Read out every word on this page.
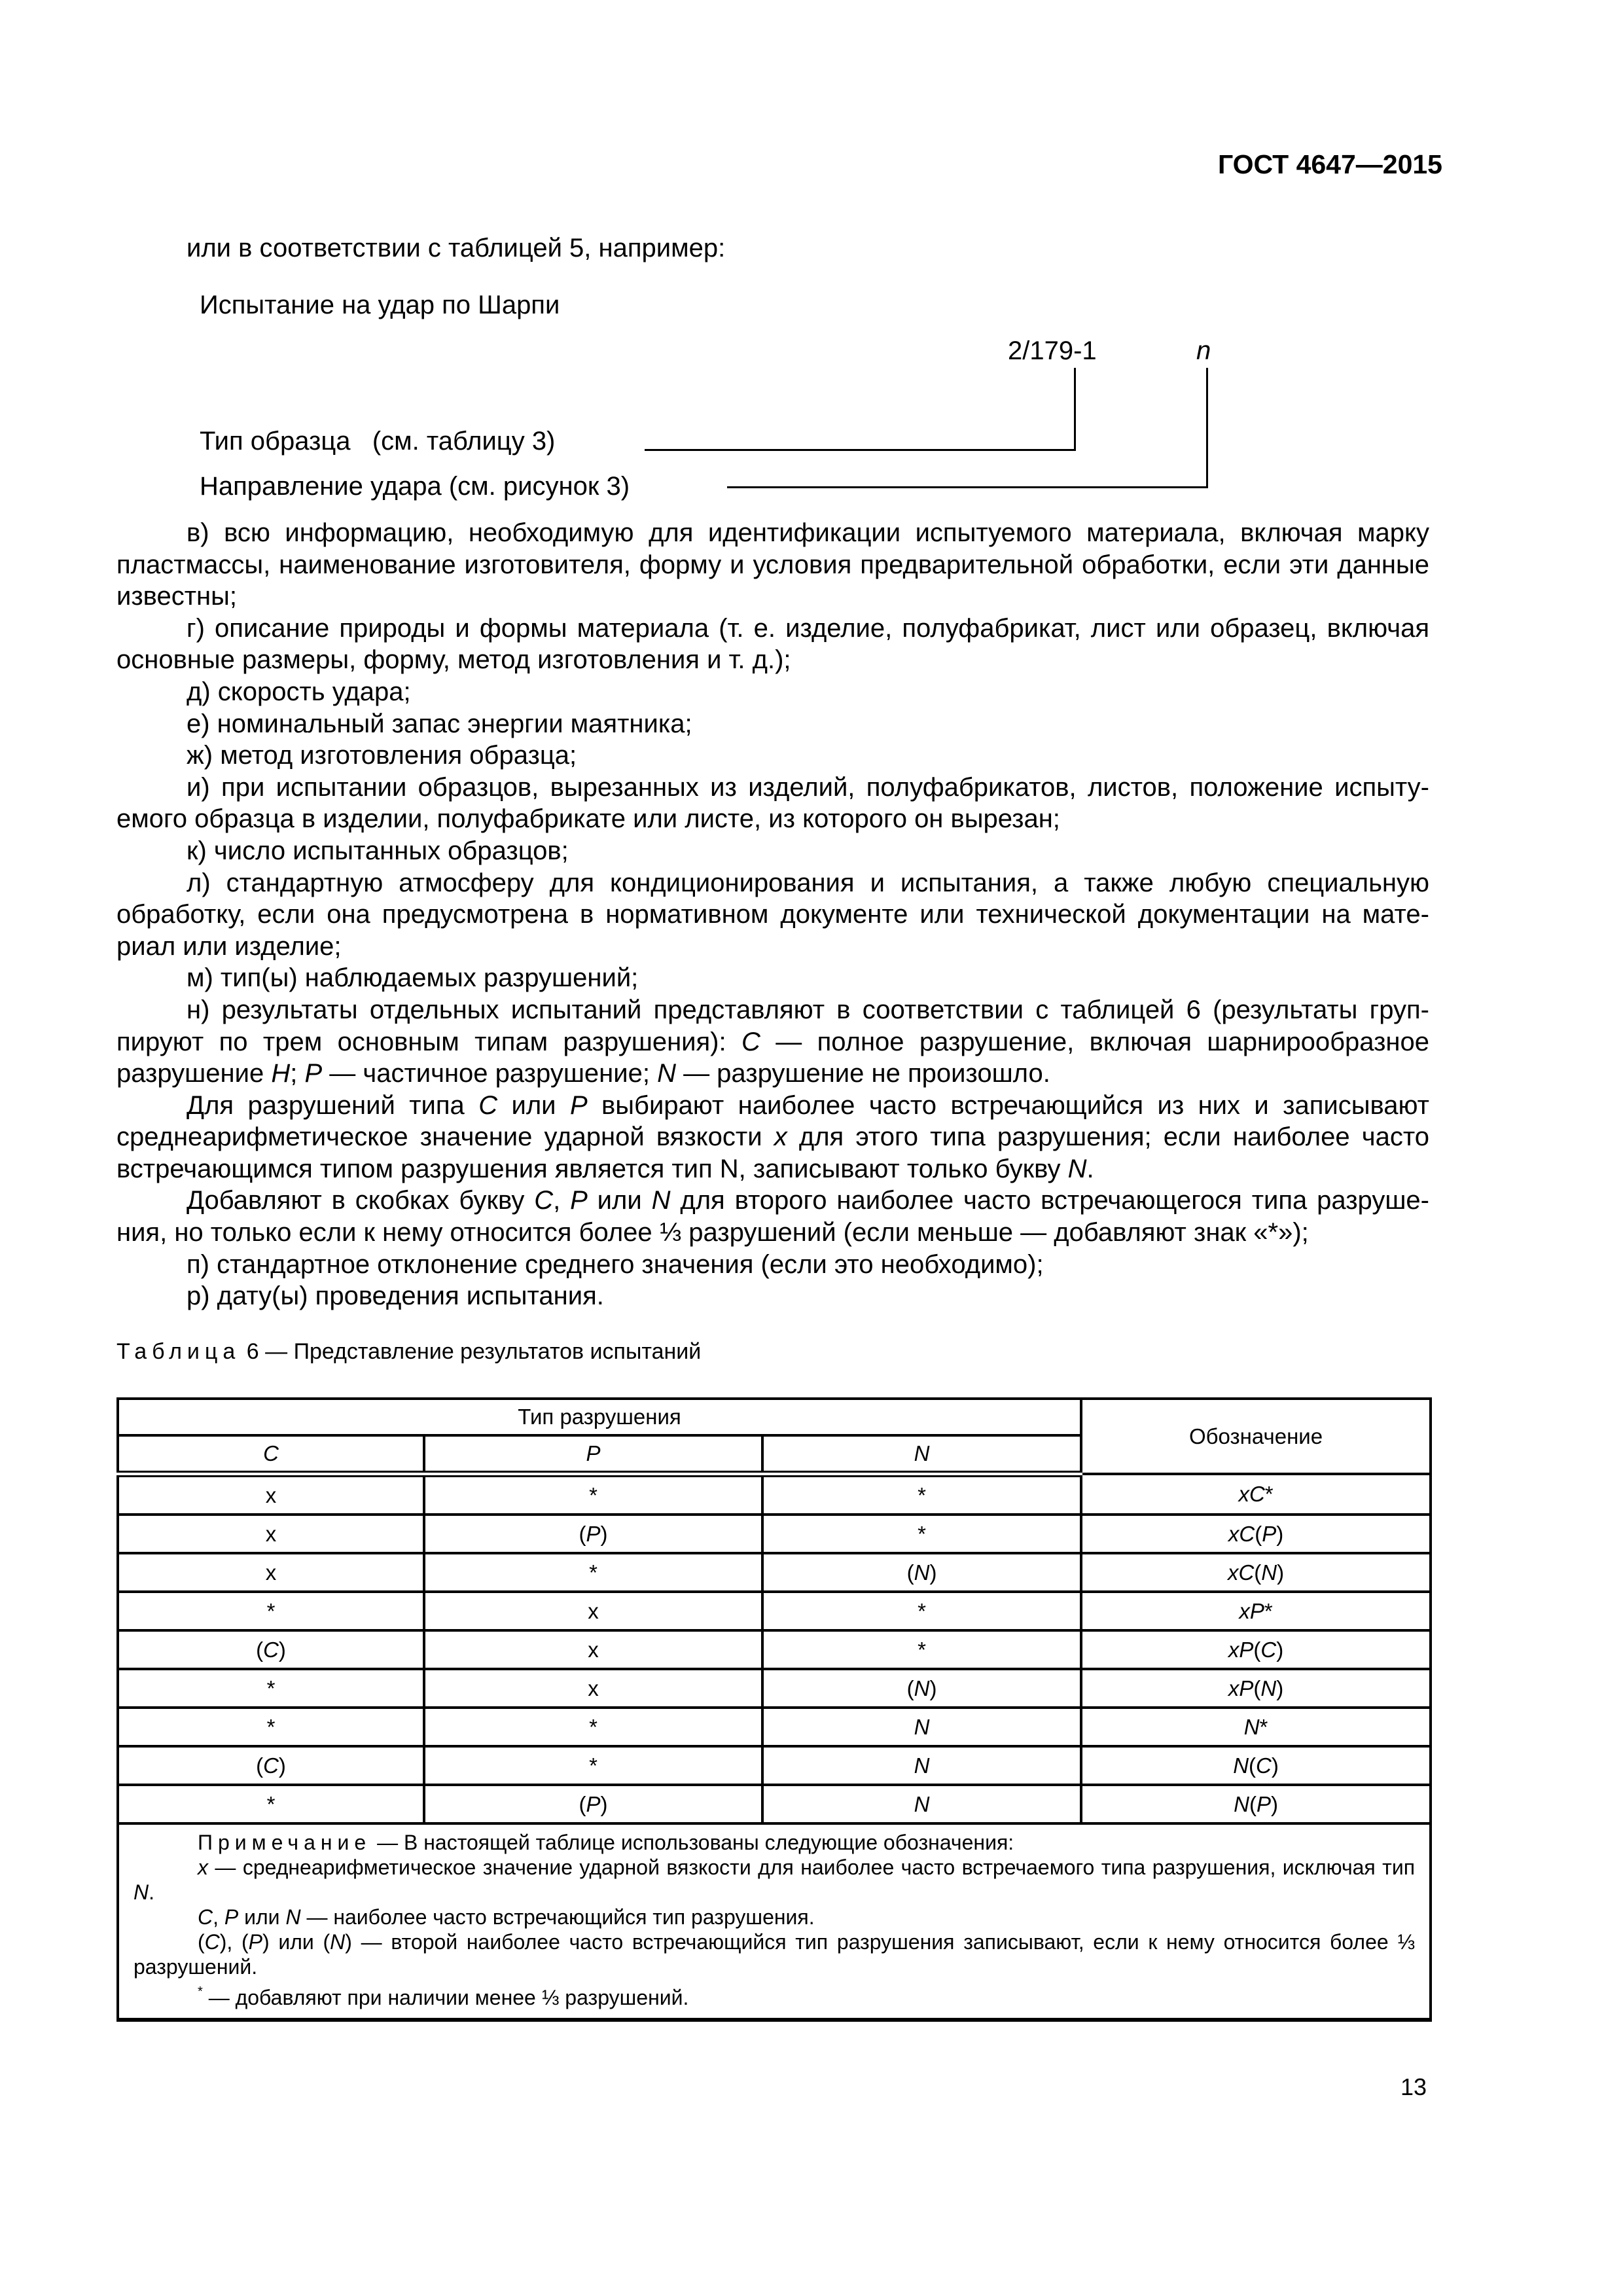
ГОСТ 4647—2015
или в соответствии с таблицей 5, например:
Испытание на удар по Шарпи
2/179-1	n
Тип образца   (см. таблицу 3)
Направление удара (см. рисунок 3)

в) всю информацию, необходимую для идентификации испытуемого материала, включая марку пластмассы, наименование изготовителя, форму и условия предварительной обработки, если эти данные известны;

г) описание природы и формы материала (т. е. изделие, полуфабрикат, лист или образец, включая основные размеры, форму, метод изготовления и т. д.);

д) скорость удара;

е) номинальный запас энергии маятника;

ж) метод изготовления образца;

и) при испытании образцов, вырезанных из изделий, полуфабрикатов, листов, положение испытуемого образца в изделии, полуфабрикате или листе, из которого он вырезан;

к) число испытанных образцов;

л) стандартную атмосферу для кондиционирования и испытания, а также любую специальную обработку, если она предусмотрена в нормативном документе или технической документации на материал или изделие;

м) тип(ы) наблюдаемых разрушений;

н) результаты отдельных испытаний представляют в соответствии с таблицей 6 (результаты группируют по трем основным типам разрушения): C — полное разрушение, включая шарнирообразное разрушение H; P — частичное разрушение; N — разрушение не произошло.

Для разрушений типа C или P выбирают наиболее часто встречающийся из них и записывают среднеарифметическое значение ударной вязкости x для этого типа разрушения; если наиболее часто встречающимся типом разрушения является тип N, записывают только букву N.

Добавляют в скобках букву C, P или N для второго наиболее часто встречающегося типа разрушения, но только если к нему относится более ⅓ разрушений (если меньше — добавляют знак «*»);

п) стандартное отклонение среднего значения (если это необходимо);

р) дату(ы) проведения испытания.

Таблица 6 — Представление результатов испытаний
Тип разрушения			Обозначение
C	P	N	
x	*	*	xC*
x	(P)	*	xC(P)
x	*	(N)	xC(N)
*	x	*	xP*
(C)	x	*	xP(C)
*	x	(N)	xP(N)
*	*	N	N*
(C)	*	N	N(C)
*	(P)	N	N(P)

Примечание — В настоящей таблице использованы следующие обозначения:

x — среднеарифметическое значение ударной вязкости для наиболее часто встречаемого типа разрушения, исключая тип N.

C, P или N — наиболее часто встречающийся тип разрушения.

(C), (P) или (N) — второй наиболее часто встречающийся тип разрушения записывают, если к нему относится более ⅓ разрушений.

* — добавляют при наличии менее ⅓ разрушений.			

13
